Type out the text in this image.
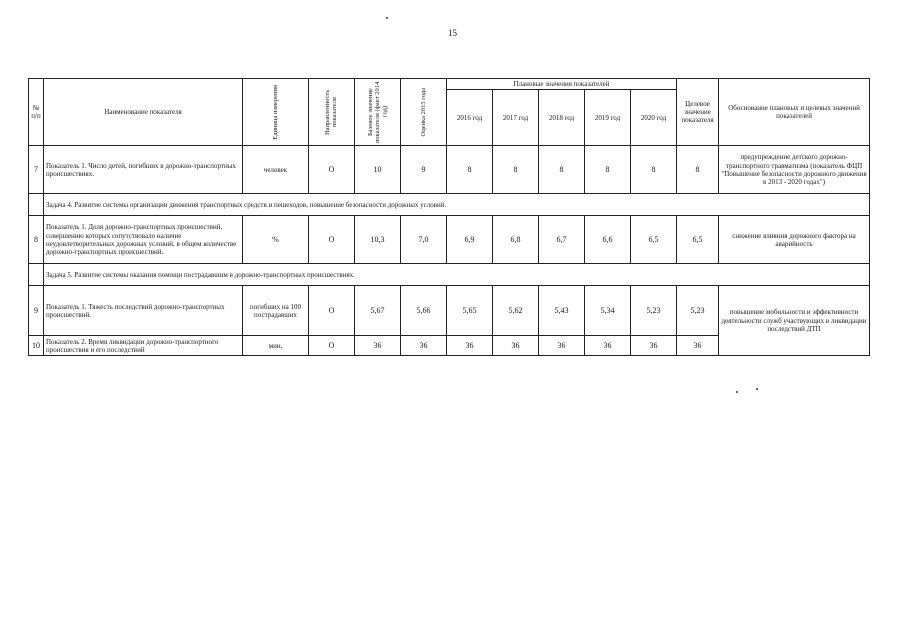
15
№ п/п	Наименование показателя	Единица измерения	Направленность показателя	Базовое значение показателя (факт 2014 год)	Оценка 2015 года	Плановые значения показателей					Целевое значение показателя	Обоснование плановых и целевых значений показателей
						2016 год	2017 год	2018 год	2019 год	2020 год		
7	Показатель 1. Число детей, погибших в дорожно-транспортных происшествиях.	человек	О	10	9	8	8	8	8	8	8	предупреждение детского дорожно-транспортного травматизма (показатель ФЦП "Повышение безопасности дорожного движения в 2013 - 2020 годах")
	Задача 4. Развитие системы организации движения транспортных средств и пешеходов, повышение безопасности дорожных условий.											
8	Показатель 1. Доля дорожно-транспортных происшествий, совершению которых сопутствовало наличие неудовлетворительных дорожных условий, в общем количестве дорожно-транспортных происшествий.	%	О	10,3	7,0	6,9	6,8	6,7	6,6	6,5	6,5	снижение влияния дорожного фактора на аварийность
	Задача 5. Развитие системы оказания помощи пострадавшим в дорожно-транспортных происшествиях.											
9	Показатель 1. Тяжесть последствий дорожно-транспортных происшествий.	погибших на 100 пострадавших	О	5,67	5,66	5,65	5,62	5,43	5,34	5,23	5,23	повышение мобильности и эффективности деятельности служб участвующих в ликвидации последствий ДТП
10	Показатель 2. Время ликвидации дорожно-транспортного происшествия и его последствий	мин.	О	36	36	36	36	36	36	36	36	
